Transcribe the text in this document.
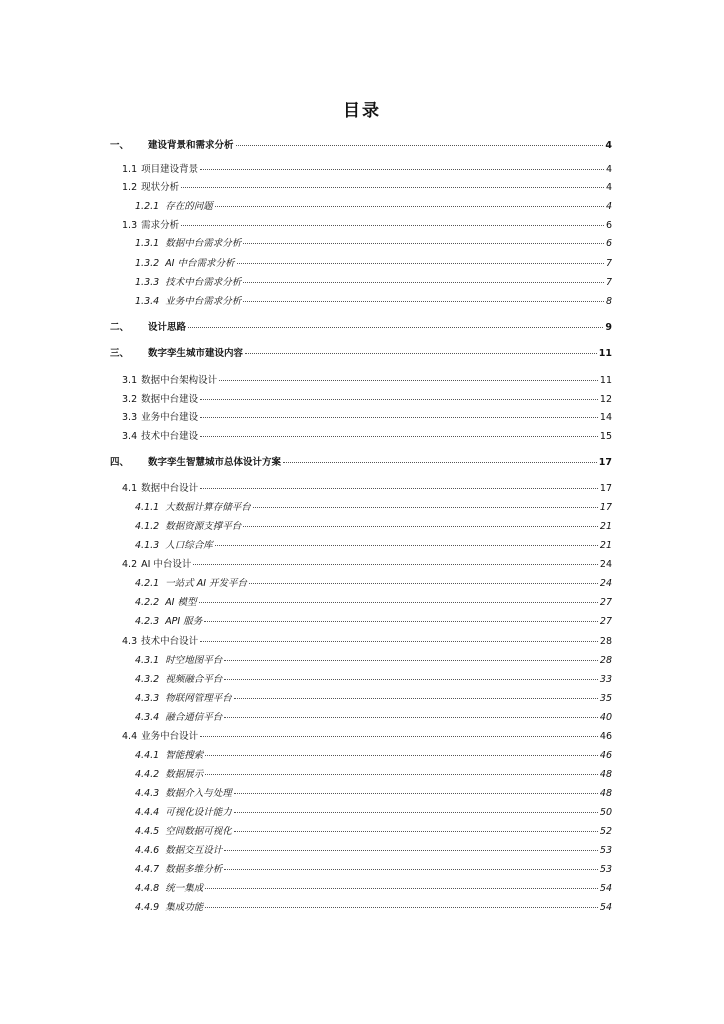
目录
一、	建设背景和需求分析	4
1.1 项目建设背景	4
1.2 现状分析	4
1.2.1 存在的问题	4
1.3 需求分析	6
1.3.1 数据中台需求分析	6
1.3.2 AI 中台需求分析	7
1.3.3 技术中台需求分析	7
1.3.4 业务中台需求分析	8
二、	设计思路	9
三、	数字孪生城市建设内容	11
3.1 数据中台架构设计	11
3.2 数据中台建设	12
3.3 业务中台建设	14
3.4 技术中台建设	15
四、	数字孪生智慧城市总体设计方案	17
4.1 数据中台设计	17
4.1.1 大数据计算存储平台	17
4.1.2 数据资源支撑平台	21
4.1.3 人口综合库	21
4.2 AI 中台设计	24
4.2.1 一站式 AI 开发平台	24
4.2.2 AI 模型	27
4.2.3 API 服务	27
4.3 技术中台设计	28
4.3.1 时空地图平台	28
4.3.2 视频融合平台	33
4.3.3 物联网管理平台	35
4.3.4 融合通信平台	40
4.4 业务中台设计	46
4.4.1 智能搜索	46
4.4.2 数据展示	48
4.4.3 数据介入与处理	48
4.4.4 可视化设计能力	50
4.4.5 空间数据可视化	52
4.4.6 数据交互设计	53
4.4.7 数据多维分析	53
4.4.8 统一集成	54
4.4.9 集成功能	54
